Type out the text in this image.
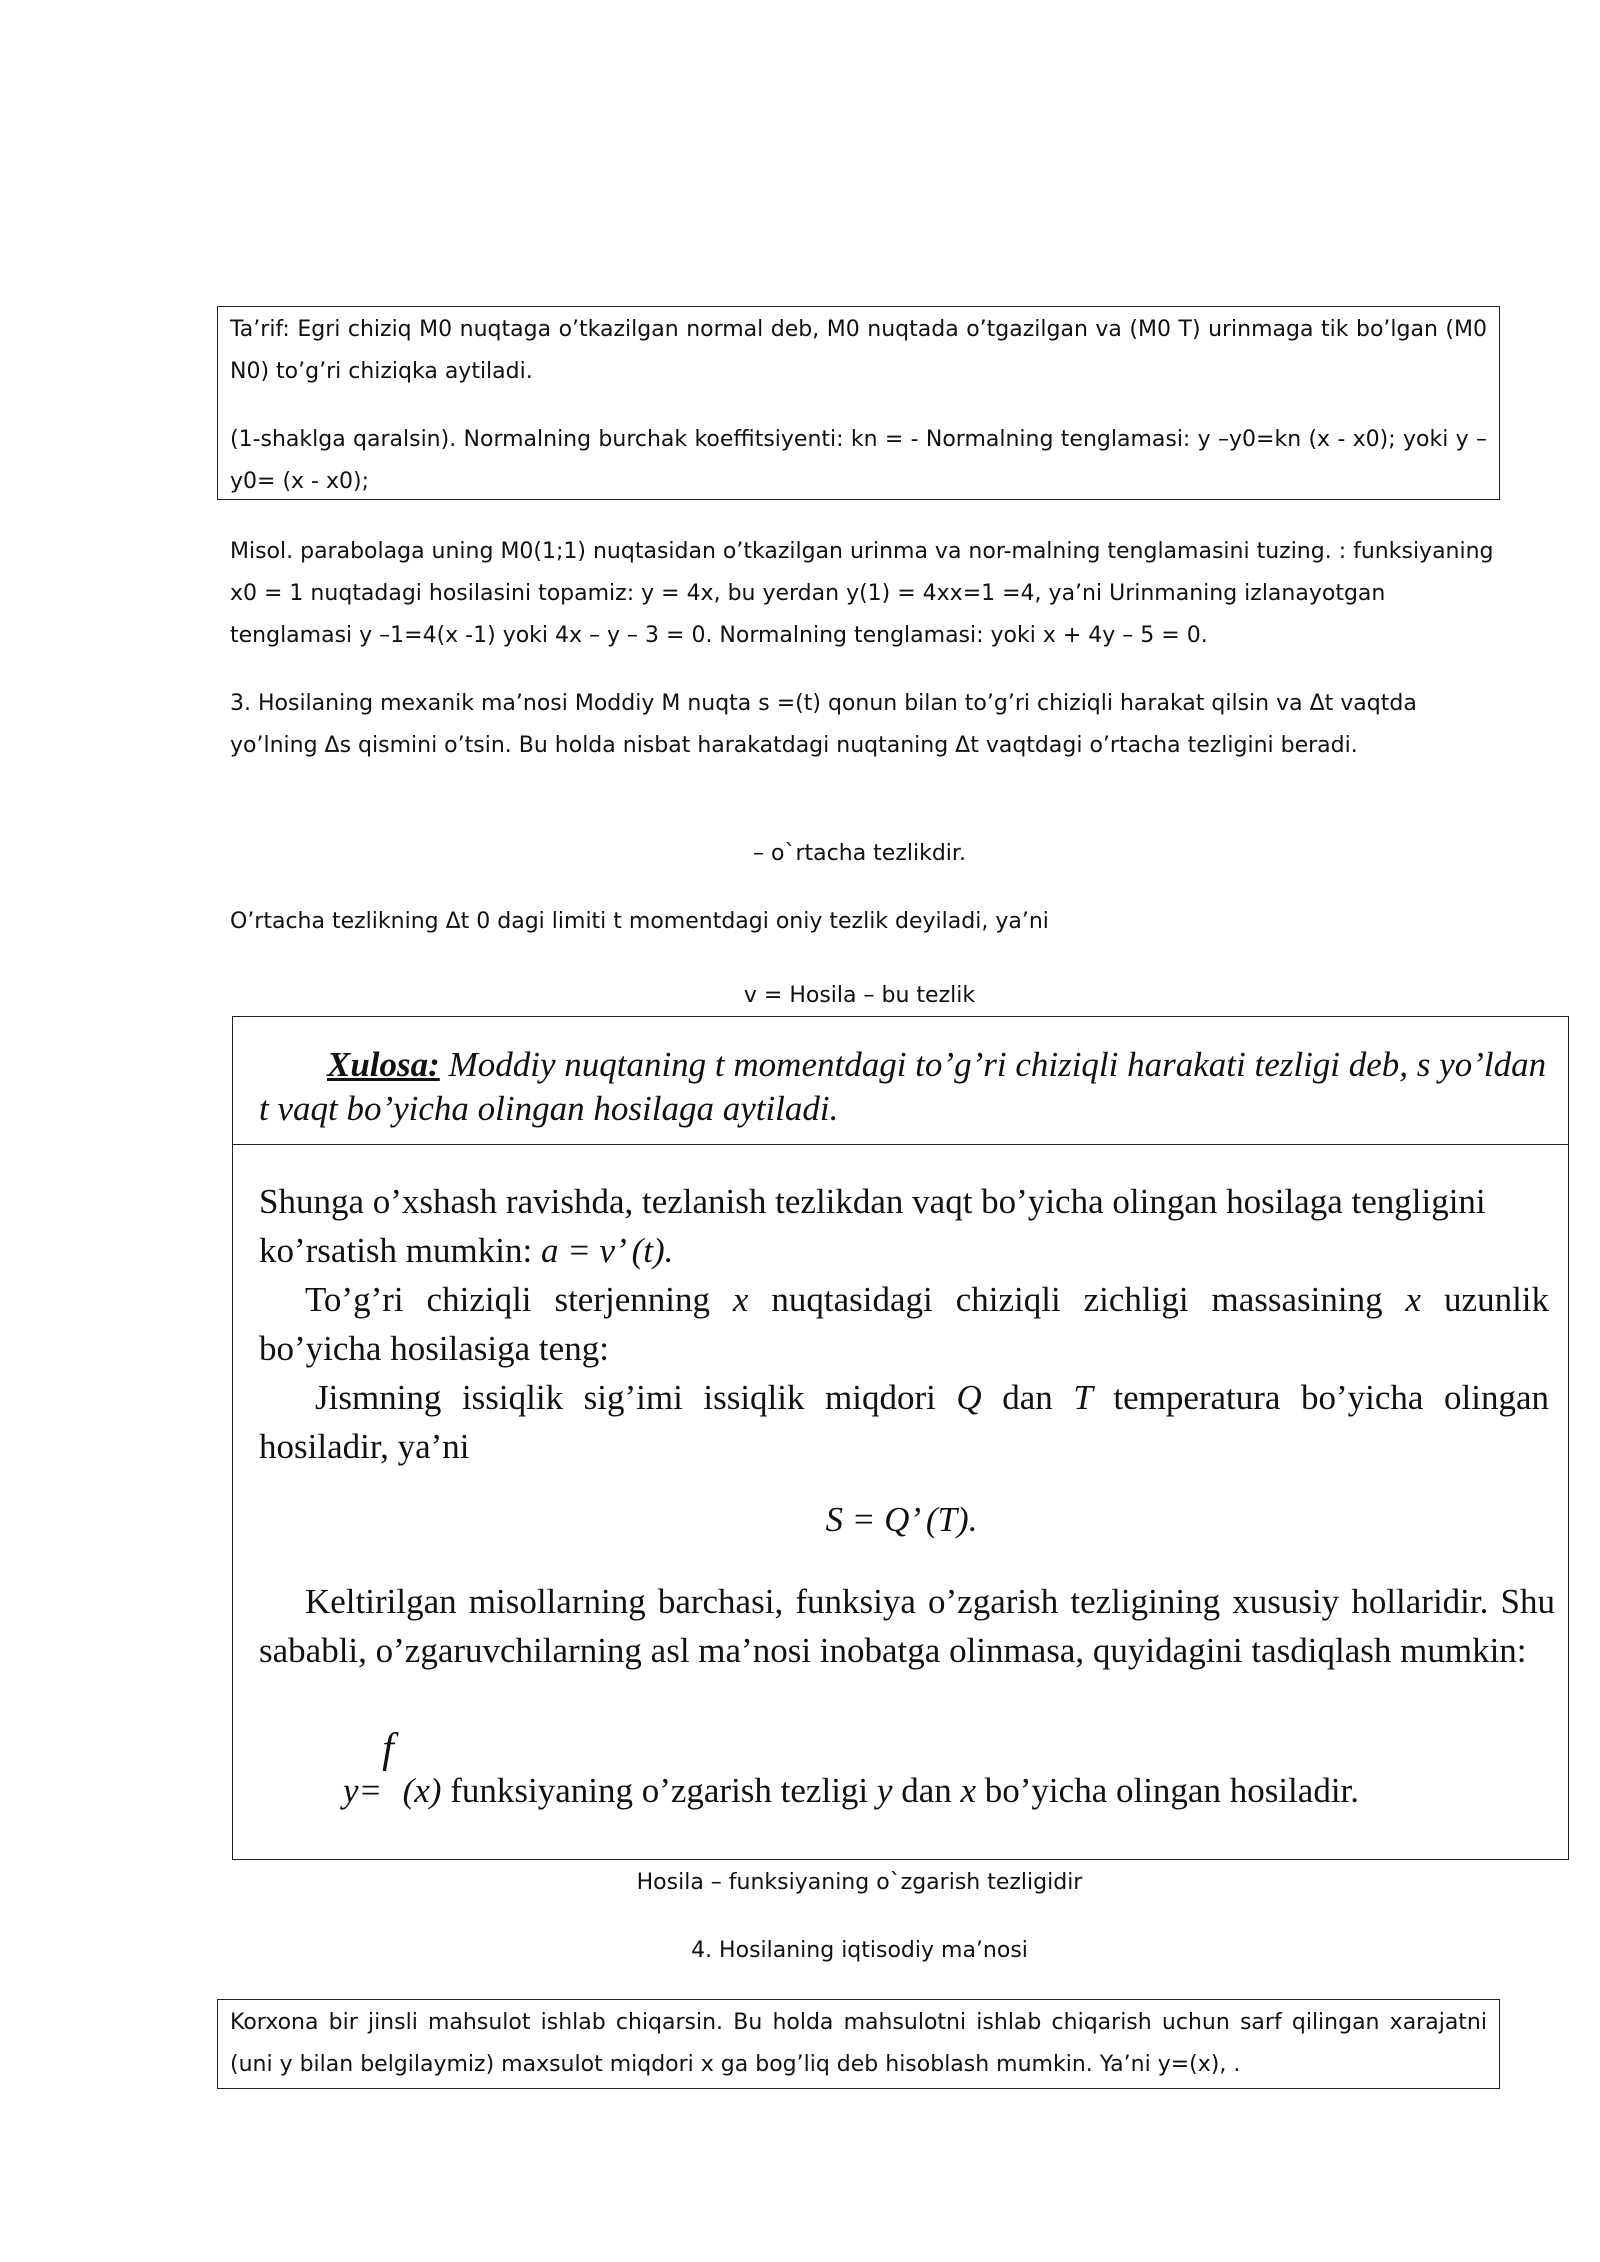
Ta’rif: Egri chiziq M0 nuqtaga o’tkazilgan normal deb, M0 nuqtada o’tgazilgan va (M0 T) urinmaga tik bo’lgan (M0 N0) to’g’ri chiziqka aytiladi.

(1-shaklga qaralsin). Normalning burchak koeffitsiyenti: kn = - Normalning tenglamasi: y –y0=kn (x - x0); yoki y –y0= (x - x0);

Misol. parabolaga uning M0(1;1) nuqtasidan o’tkazilgan urinma va nor-malning tenglamasini tuzing. : funksiyaning x0 = 1 nuqtadagi hosilasini topamiz: y = 4x, bu yerdan y(1) = 4xx=1 =4, ya’ni Urinmaning izlanayotgan tenglamasi y –1=4(x -1) yoki 4x – y – 3 = 0. Normalning tenglamasi: yoki x + 4y – 5 = 0.

3. Hosilaning mexanik ma’nosi Moddiy M nuqta s =(t) qonun bilan to’g’ri chiziqli harakat qilsin va Δt vaqtda yo’lning Δs qismini o’tsin. Bu holda nisbat harakatdagi nuqtaning Δt vaqtdagi o’rtacha tezligini beradi.

– o`rtacha tezlikdir.

O’rtacha tezlikning Δt 0 dagi limiti t momentdagi oniy tezlik deyiladi, ya’ni

v = Hosila – bu tezlik

Xulosa: Moddiy nuqtaning t momentdagi to’g’ri chiziqli harakati tezligi deb, s yo’ldan t vaqt bo’yicha olingan hosilaga aytiladi.

Shunga o’xshash ravishda, tezlanish tezlikdan vaqt bo’yicha olingan hosilaga tengligini ko’rsatish mumkin: a = v’ (t).

To’g’ri chiziqli sterjenning x nuqtasidagi chiziqli zichligi massasining x uzunlik bo’yicha hosilasiga teng:

Jismning issiqlik sig’imi issiqlik miqdori Q dan T temperatura bo’yicha olingan hosiladir, ya’ni

S = Q’ (T).

Keltirilgan misollarning barchasi, funksiya o’zgarish tezligining xususiy hollaridir. Shu sababli, o’zgaruvchilarning asl ma’nosi inobatga olinmasa, quyidagini tasdiqlash mumkin:

y=f (x) funksiyaning o’zgarish tezligi y dan x bo’yicha olingan hosiladir.

Hosila – funksiyaning o`zgarish tezligidir

4. Hosilaning iqtisodiy ma’nosi

Korxona bir jinsli mahsulot ishlab chiqarsin. Bu holda mahsulotni ishlab chiqarish uchun sarf qilingan xarajatni (uni y bilan belgilaymiz) maxsulot miqdori x ga bog’liq deb hisoblash mumkin. Ya’ni y=(x), .
